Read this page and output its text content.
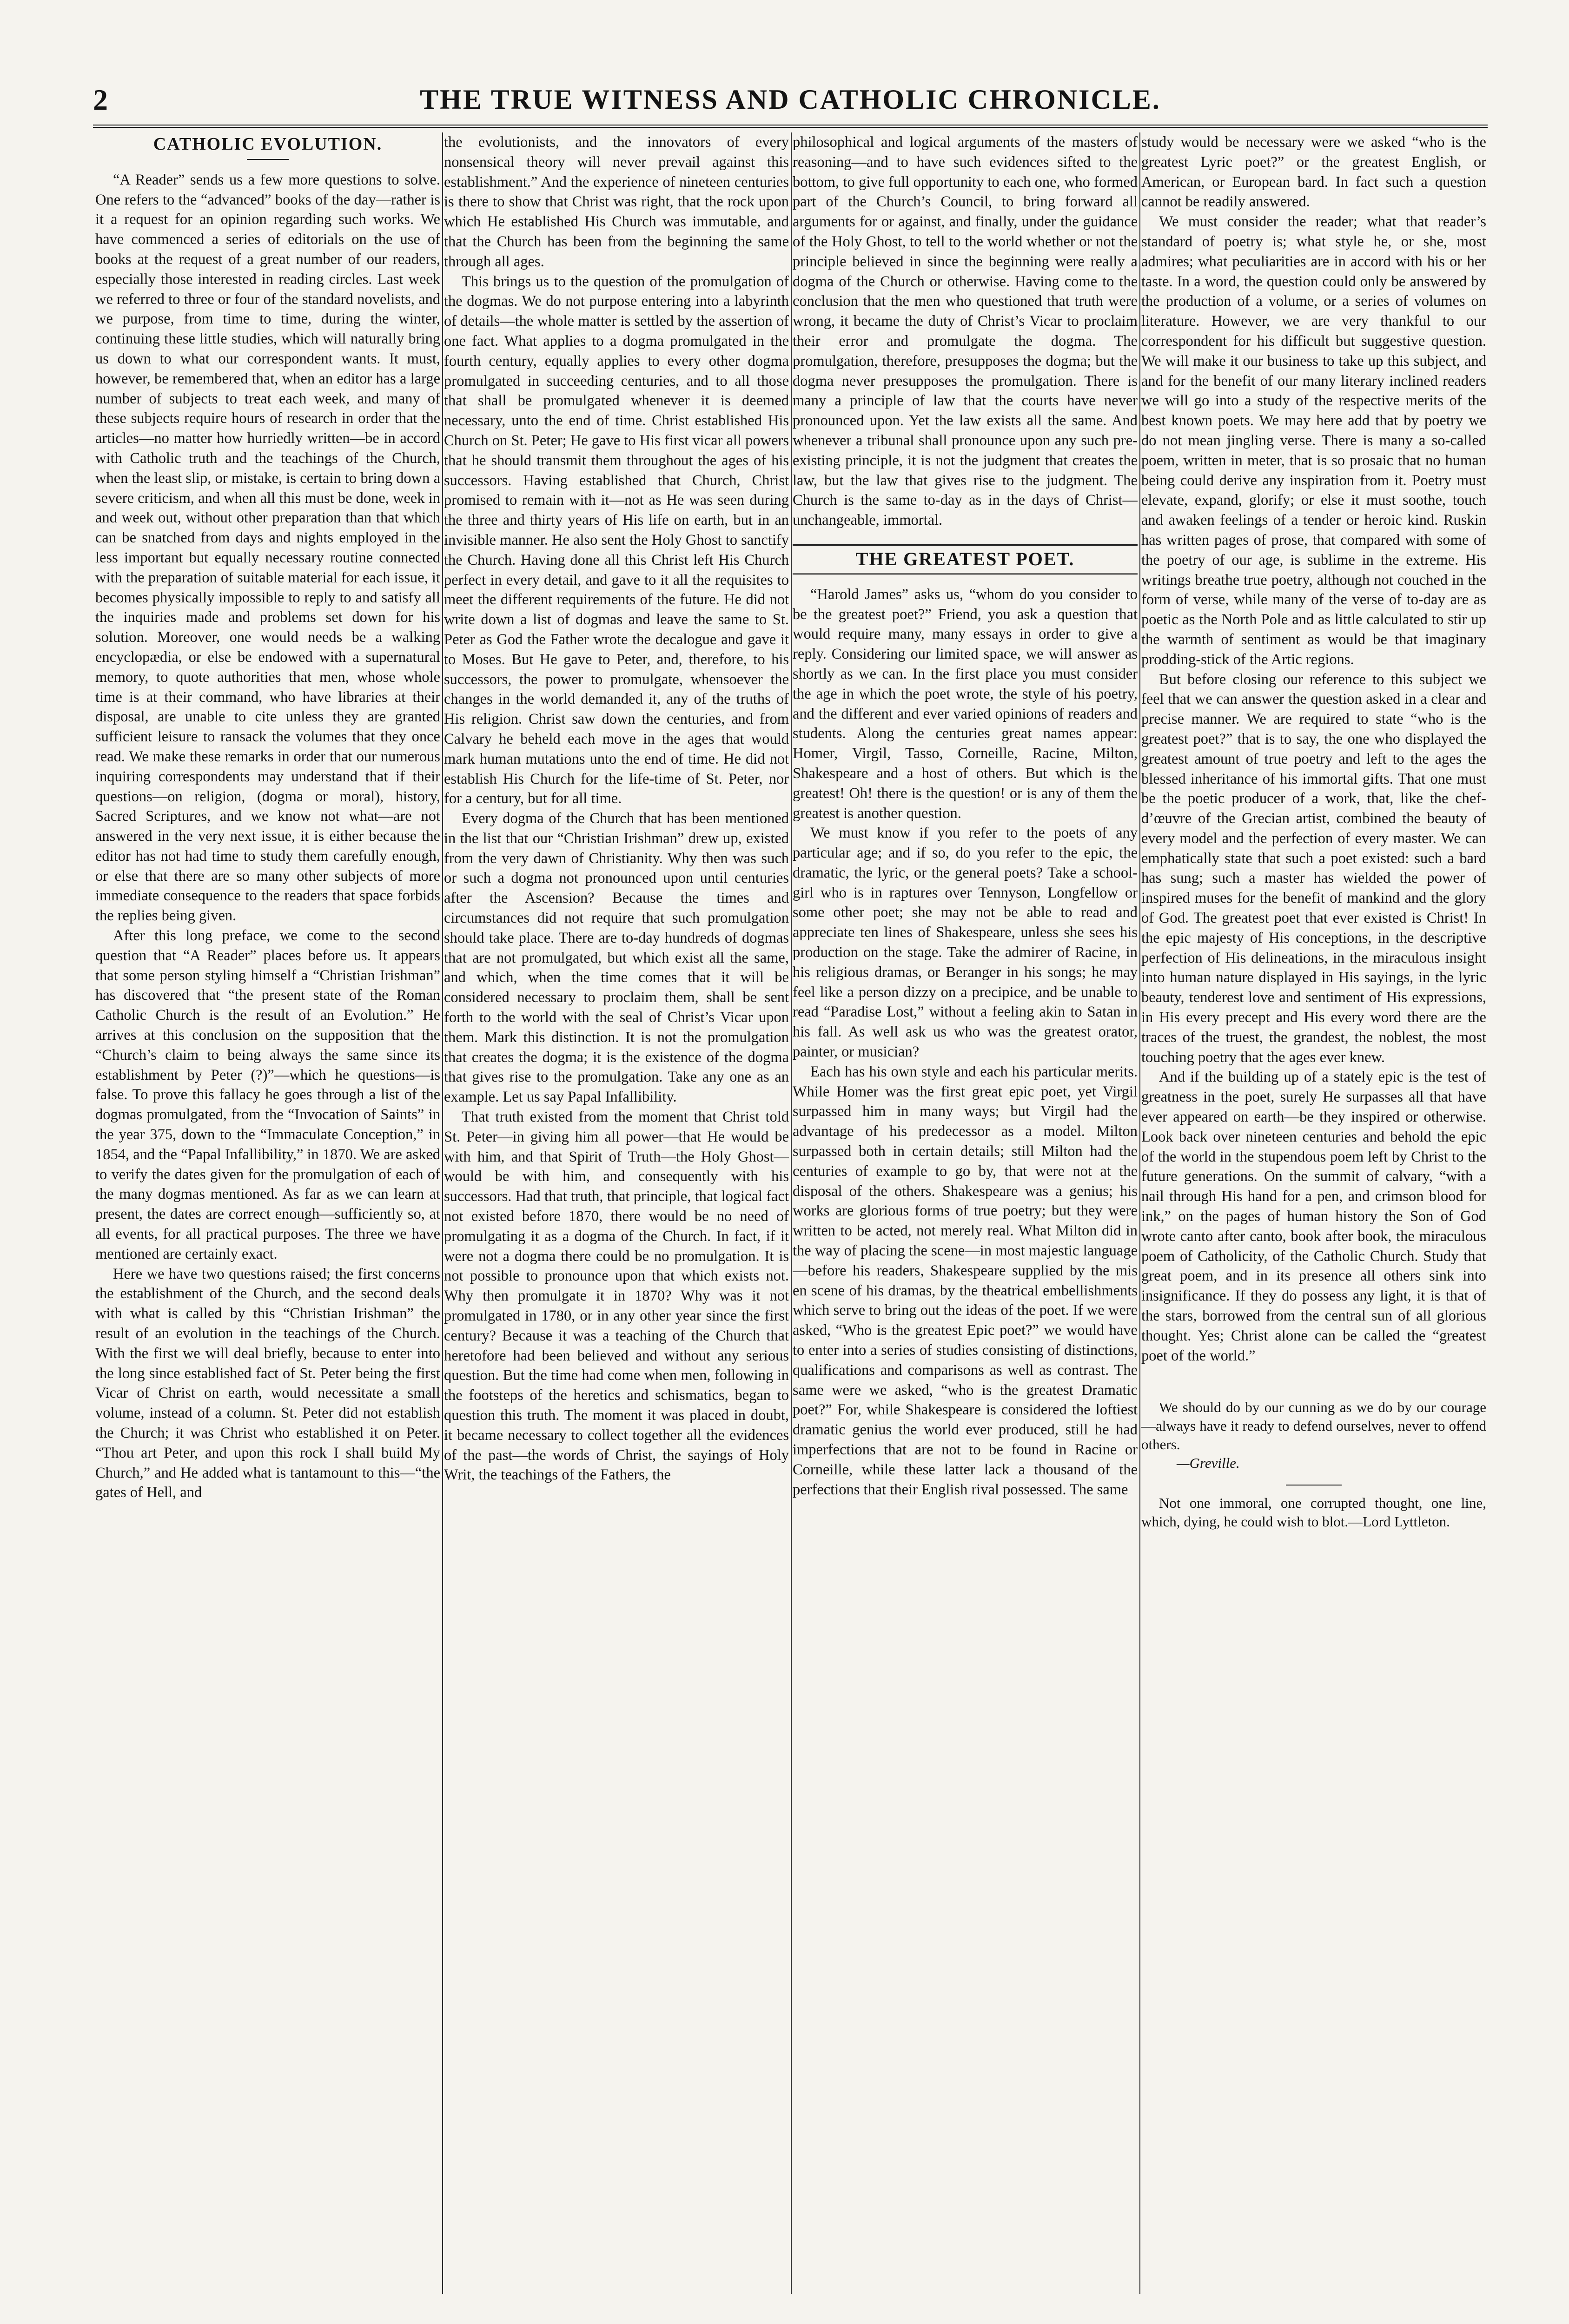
2	THE TRUE WITNESS AND CATHOLIC CHRONICLE.
CATHOLIC EVOLUTION.

“A Reader” sends us a few more questions to solve. One refers to the “advanced” books of the day—rather is it a request for an opinion regarding such works. We have commenced a series of editorials on the use of books at the request of a great number of our readers, especially those interested in reading circles. Last week we referred to three or four of the standard novelists, and we purpose, from time to time, during the winter, continuing these little studies, which will naturally bring us down to what our correspondent wants. It must, however, be remembered that, when an editor has a large number of subjects to treat each week, and many of these subjects require hours of research in order that the articles—no matter how hurriedly written—be in accord with Catholic truth and the teachings of the Church, when the least slip, or mistake, is certain to bring down a severe criticism, and when all this must be done, week in and week out, without other preparation than that which can be snatched from days and nights employed in the less important but equally necessary routine connected with the preparation of suitable material for each issue, it becomes physically impossible to reply to and satisfy all the inquiries made and problems set down for his solution. Moreover, one would needs be a walking encyclopædia, or else be endowed with a supernatural memory, to quote authorities that men, whose whole time is at their command, who have libraries at their disposal, are unable to cite unless they are granted sufficient leisure to ransack the volumes that they once read. We make these remarks in order that our numerous inquiring correspondents may understand that if their questions—on religion, (dogma or moral), history, Sacred Scriptures, and we know not what—are not answered in the very next issue, it is either because the editor has not had time to study them carefully enough, or else that there are so many other subjects of more immediate consequence to the readers that space forbids the replies being given.

After this long preface, we come to the second question that “A Reader” places before us. It appears that some person styling himself a “Christian Irishman” has discovered that “the present state of the Roman Catholic Church is the result of an Evolution.” He arrives at this conclusion on the supposition that the “Church’s claim to being always the same since its establishment by Peter (?)”—which he questions—is false. To prove this fallacy he goes through a list of the dogmas promulgated, from the “Invocation of Saints” in the year 375, down to the “Immaculate Conception,” in 1854, and the “Papal Infallibility,” in 1870. We are asked to verify the dates given for the promulgation of each of the many dogmas mentioned. As far as we can learn at present, the dates are correct enough—sufficiently so, at all events, for all practical purposes. The three we have mentioned are certainly exact.

Here we have two questions raised; the first concerns the establishment of the Church, and the second deals with what is called by this “Christian Irishman” the result of an evolution in the teachings of the Church. With the first we will deal briefly, because to enter into the long since established fact of St. Peter being the first Vicar of Christ on earth, would necessitate a small volume, instead of a column. St. Peter did not establish the Church; it was Christ who established it on Peter. “Thou art Peter, and upon this rock I shall build My Church,” and He added what is tantamount to this—“the gates of Hell, and

the evolutionists, and the innovators of every nonsensical theory will never prevail against this establishment.” And the experience of nineteen centuries is there to show that Christ was right, that the rock upon which He established His Church was immutable, and that the Church has been from the beginning the same through all ages.

This brings us to the question of the promulgation of the dogmas. We do not purpose entering into a labyrinth of details—the whole matter is settled by the assertion of one fact. What applies to a dogma promulgated in the fourth century, equally applies to every other dogma promulgated in succeeding centuries, and to all those that shall be promulgated whenever it is deemed necessary, unto the end of time. Christ established His Church on St. Peter; He gave to His first vicar all powers that he should transmit them throughout the ages of his successors. Having established that Church, Christ promised to remain with it—not as He was seen during the three and thirty years of His life on earth, but in an invisible manner. He also sent the Holy Ghost to sanctify the Church. Having done all this Christ left His Church perfect in every detail, and gave to it all the requisites to meet the different requirements of the future. He did not write down a list of dogmas and leave the same to St. Peter as God the Father wrote the decalogue and gave it to Moses. But He gave to Peter, and, therefore, to his successors, the power to promulgate, whensoever the changes in the world demanded it, any of the truths of His religion. Christ saw down the centuries, and from Calvary he beheld each move in the ages that would mark human mutations unto the end of time. He did not establish His Church for the life-time of St. Peter, nor for a century, but for all time.

Every dogma of the Church that has been mentioned in the list that our “Christian Irishman” drew up, existed from the very dawn of Christianity. Why then was such or such a dogma not pronounced upon until centuries after the Ascension? Because the times and circumstances did not require that such promulgation should take place. There are to-day hundreds of dogmas that are not promulgated, but which exist all the same, and which, when the time comes that it will be considered necessary to proclaim them, shall be sent forth to the world with the seal of Christ’s Vicar upon them. Mark this distinction. It is not the promulgation that creates the dogma; it is the existence of the dogma that gives rise to the promulgation. Take any one as an example. Let us say Papal Infallibility.

That truth existed from the moment that Christ told St. Peter—in giving him all power—that He would be with him, and that Spirit of Truth—the Holy Ghost—would be with him, and consequently with his successors. Had that truth, that principle, that logical fact not existed before 1870, there would be no need of promulgating it as a dogma of the Church. In fact, if it were not a dogma there could be no promulgation. It is not possible to pronounce upon that which exists not. Why then promulgate it in 1870? Why was it not promulgated in 1780, or in any other year since the first century? Because it was a teaching of the Church that heretofore had been believed and without any serious question. But the time had come when men, following in the footsteps of the heretics and schismatics, began to question this truth. The moment it was placed in doubt, it became necessary to collect together all the evidences of the past—the words of Christ, the sayings of Holy Writ, the teachings of the Fathers, the

philosophical and logical arguments of the masters of reasoning—and to have such evidences sifted to the bottom, to give full opportunity to each one, who formed part of the Church’s Council, to bring forward all arguments for or against, and finally, under the guidance of the Holy Ghost, to tell to the world whether or not the principle believed in since the beginning were really a dogma of the Church or otherwise. Having come to the conclusion that the men who questioned that truth were wrong, it became the duty of Christ’s Vicar to proclaim their error and promulgate the dogma. The promulgation, therefore, presupposes the dogma; but the dogma never presupposes the promulgation. There is many a principle of law that the courts have never pronounced upon. Yet the law exists all the same. And whenever a tribunal shall pronounce upon any such pre-existing principle, it is not the judgment that creates the law, but the law that gives rise to the judgment. The Church is the same to-day as in the days of Christ—unchangeable, immortal.

THE GREATEST POET.

“Harold James” asks us, “whom do you consider to be the greatest poet?” Friend, you ask a question that would require many, many essays in order to give a reply. Considering our limited space, we will answer as shortly as we can. In the first place you must consider the age in which the poet wrote, the style of his poetry, and the different and ever varied opinions of readers and students. Along the centuries great names appear: Homer, Virgil, Tasso, Corneille, Racine, Milton, Shakespeare and a host of others. But which is the greatest! Oh! there is the question! or is any of them the greatest is another question.

We must know if you refer to the poets of any particular age; and if so, do you refer to the epic, the dramatic, the lyric, or the general poets? Take a school-girl who is in raptures over Tennyson, Longfellow or some other poet; she may not be able to read and appreciate ten lines of Shakespeare, unless she sees his production on the stage. Take the admirer of Racine, in his religious dramas, or Beranger in his songs; he may feel like a person dizzy on a precipice, and be unable to read “Paradise Lost,” without a feeling akin to Satan in his fall. As well ask us who was the greatest orator, painter, or musician?

Each has his own style and each his particular merits. While Homer was the first great epic poet, yet Virgil surpassed him in many ways; but Virgil had the advantage of his predecessor as a model. Milton surpassed both in certain details; still Milton had the centuries of example to go by, that were not at the disposal of the others. Shakespeare was a genius; his works are glorious forms of true poetry; but they were written to be acted, not merely real. What Milton did in the way of placing the scene—in most majestic language—before his readers, Shakespeare supplied by the mis en scene of his dramas, by the theatrical embellishments which serve to bring out the ideas of the poet. If we were asked, “Who is the greatest Epic poet?” we would have to enter into a series of studies consisting of distinctions, qualifications and comparisons as well as contrast. The same were we asked, “who is the greatest Dramatic poet?” For, while Shakespeare is considered the loftiest dramatic genius the world ever produced, still he had imperfections that are not to be found in Racine or Corneille, while these latter lack a thousand of the perfections that their English rival possessed. The same

study would be necessary were we asked “who is the greatest Lyric poet?” or the greatest English, or American, or European bard. In fact such a question cannot be readily answered.

We must consider the reader; what that reader’s standard of poetry is; what style he, or she, most admires; what peculiarities are in accord with his or her taste. In a word, the question could only be answered by the production of a volume, or a series of volumes on literature. However, we are very thankful to our correspondent for his difficult but suggestive question. We will make it our business to take up this subject, and and for the benefit of our many literary inclined readers we will go into a study of the respective merits of the best known poets. We may here add that by poetry we do not mean jingling verse. There is many a so-called poem, written in meter, that is so prosaic that no human being could derive any inspiration from it. Poetry must elevate, expand, glorify; or else it must soothe, touch and awaken feelings of a tender or heroic kind. Ruskin has written pages of prose, that compared with some of the poetry of our age, is sublime in the extreme. His writings breathe true poetry, although not couched in the form of verse, while many of the verse of to-day are as poetic as the North Pole and as little calculated to stir up the warmth of sentiment as would be that imaginary prodding-stick of the Artic regions.

But before closing our reference to this subject we feel that we can answer the question asked in a clear and precise manner. We are required to state “who is the greatest poet?” that is to say, the one who displayed the greatest amount of true poetry and left to the ages the blessed inheritance of his immortal gifts. That one must be the poetic producer of a work, that, like the chef-d’œuvre of the Grecian artist, combined the beauty of every model and the perfection of every master. We can emphatically state that such a poet existed: such a bard has sung; such a master has wielded the power of inspired muses for the benefit of mankind and the glory of God. The greatest poet that ever existed is Christ! In the epic majesty of His conceptions, in the descriptive perfection of His delineations, in the miraculous insight into human nature displayed in His sayings, in the lyric beauty, tenderest love and sentiment of His expressions, in His every precept and His every word there are the traces of the truest, the grandest, the noblest, the most touching poetry that the ages ever knew.

And if the building up of a stately epic is the test of greatness in the poet, surely He surpasses all that have ever appeared on earth—be they inspired or otherwise. Look back over nineteen centuries and behold the epic of the world in the stupendous poem left by Christ to the future generations. On the summit of calvary, “with a nail through His hand for a pen, and crimson blood for ink,” on the pages of human history the Son of God wrote canto after canto, book after book, the miraculous poem of Catholicity, of the Catholic Church. Study that great poem, and in its presence all others sink into insignificance. If they do possess any light, it is that of the stars, borrowed from the central sun of all glorious thought. Yes; Christ alone can be called the “greatest poet of the world.”

We should do by our cunning as we do by our courage—always have it ready to defend ourselves, never to offend others.

—Greville.

Not one immoral, one corrupted thought, one line, which, dying, he could wish to blot.—Lord Lyttleton.
